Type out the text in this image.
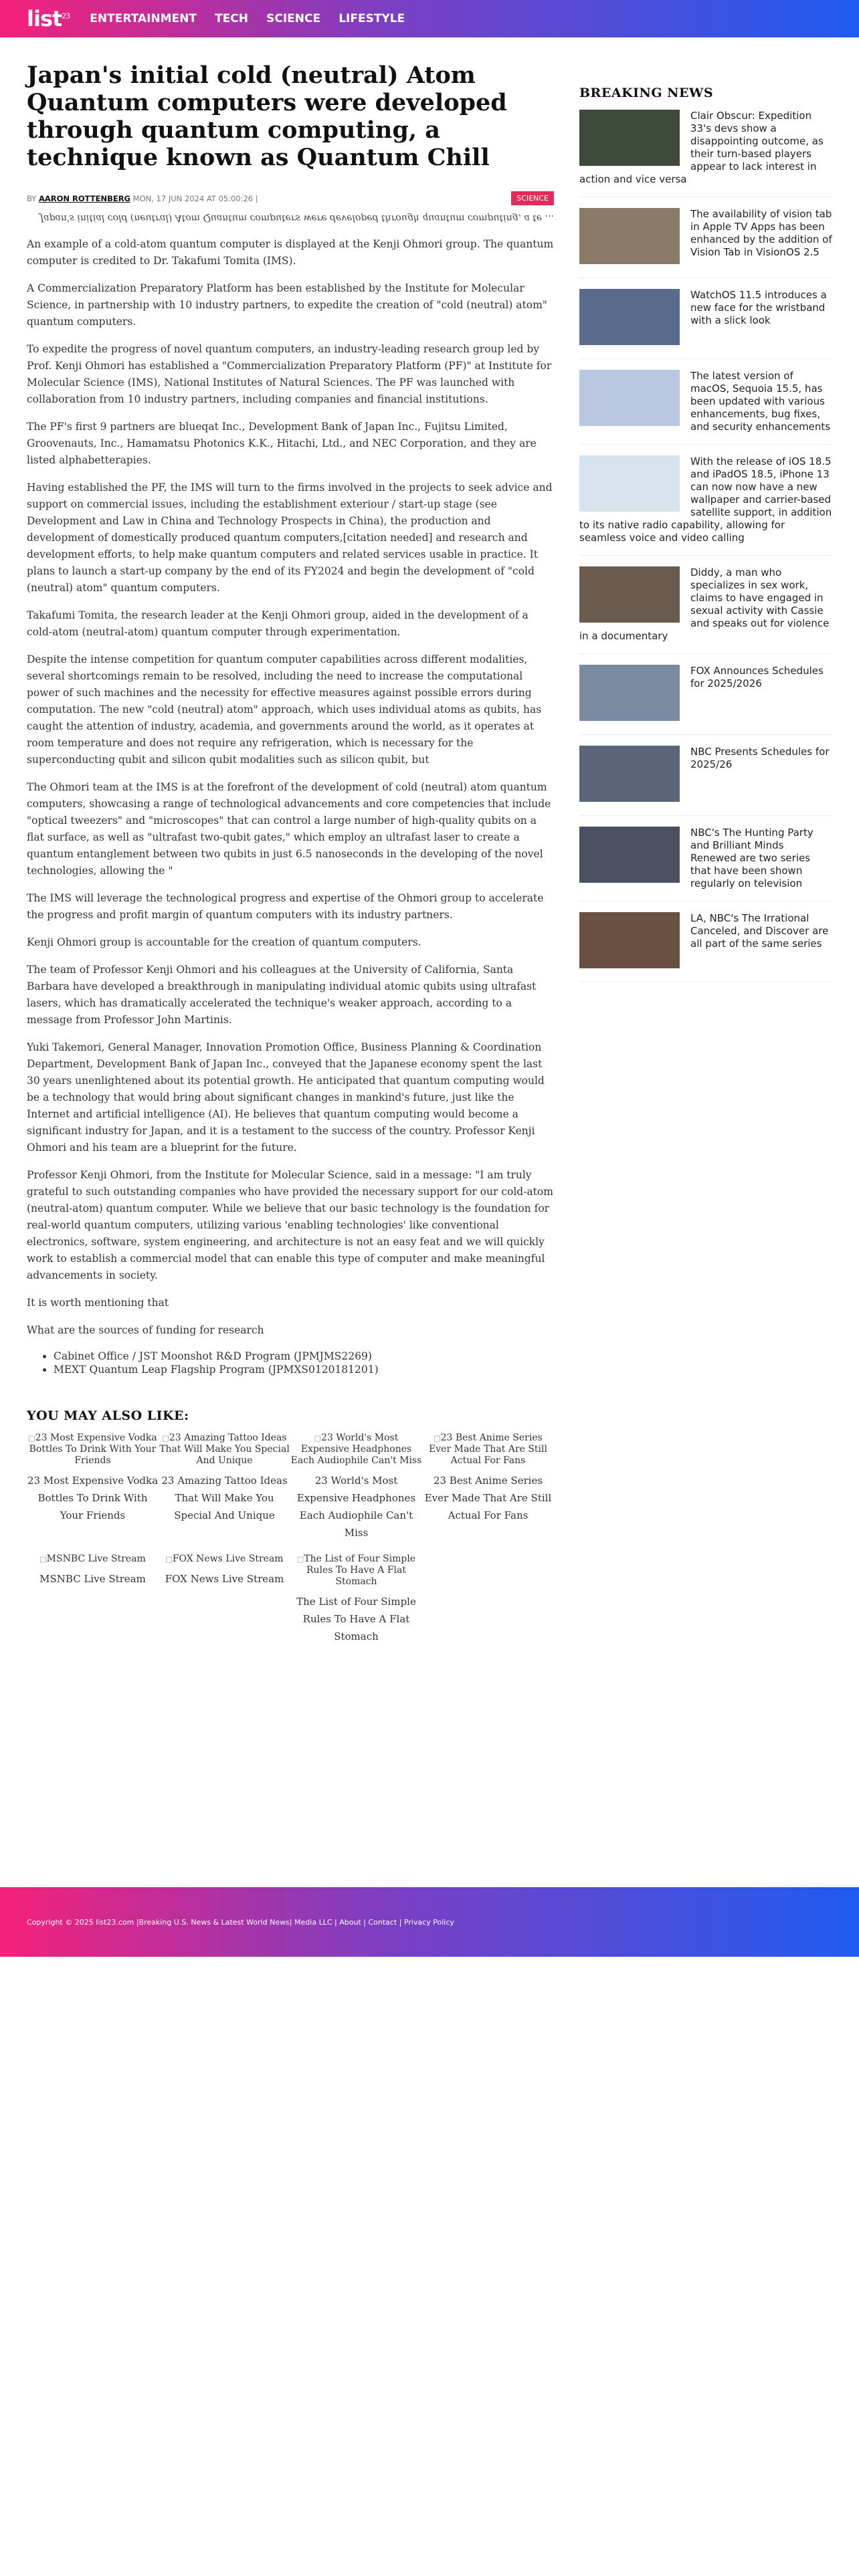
list$^{23}$ ENTERTAINMENT TECH SCIENCE LIFESTYLE
Japan's initial cold (neutral) Atom Quantum computers were developed through quantum computing, a technique known as Quantum Chill
BY AARON ROTTENBERG MON, 17 JUN 2024 AT 05:00:26 |	SCIENCE
Japan's initial cold (neutral) Atom Quantum computers were developed through quantum computing, a te ...

An example of a cold-atom quantum computer is displayed at the Kenji Ohmori group. The quantum computer is credited to Dr. Takafumi Tomita (IMS).

A Commercialization Preparatory Platform has been established by the Institute for Molecular Science, in partnership with 10 industry partners, to expedite the creation of "cold (neutral) atom" quantum computers.

To expedite the progress of novel quantum computers, an industry-leading research group led by Prof. Kenji Ohmori has established a "Commercialization Preparatory Platform (PF)" at Institute for Molecular Science (IMS), National Institutes of Natural Sciences. The PF was launched with collaboration from 10 industry partners, including companies and financial institutions.

The PF's first 9 partners are blueqat Inc., Development Bank of Japan Inc., Fujitsu Limited, Groovenauts, Inc., Hamamatsu Photonics K.K., Hitachi, Ltd., and NEC Corporation, and they are listed alphabetterapies.

Having established the PF, the IMS will turn to the firms involved in the projects to seek advice and support on commercial issues, including the establishment exteriour / start-up stage (see Development and Law in China and Technology Prospects in China), the production and development of domestically produced quantum computers,[citation needed] and research and development efforts, to help make quantum computers and related services usable in practice. It plans to launch a start-up company by the end of its FY2024 and begin the development of "cold (neutral) atom" quantum computers.

Takafumi Tomita, the research leader at the Kenji Ohmori group, aided in the development of a cold-atom (neutral-atom) quantum computer through experimentation.

Despite the intense competition for quantum computer capabilities across different modalities, several shortcomings remain to be resolved, including the need to increase the computational power of such machines and the necessity for effective measures against possible errors during computation. The new "cold (neutral) atom" approach, which uses individual atoms as qubits, has caught the attention of industry, academia, and governments around the world, as it operates at room temperature and does not require any refrigeration, which is necessary for the superconducting qubit and silicon qubit modalities such as silicon qubit, but

The Ohmori team at the IMS is at the forefront of the development of cold (neutral) atom quantum computers, showcasing a range of technological advancements and core competencies that include "optical tweezers" and "microscopes" that can control a large number of high-quality qubits on a flat surface, as well as "ultrafast two-qubit gates," which employ an ultrafast laser to create a quantum entanglement between two qubits in just 6.5 nanoseconds in the developing of the novel technologies, allowing the "

The IMS will leverage the technological progress and expertise of the Ohmori group to accelerate the progress and profit margin of quantum computers with its industry partners.

Kenji Ohmori group is accountable for the creation of quantum computers.

The team of Professor Kenji Ohmori and his colleagues at the University of California, Santa Barbara have developed a breakthrough in manipulating individual atomic qubits using ultrafast lasers, which has dramatically accelerated the technique's weaker approach, according to a message from Professor John Martinis.

Yuki Takemori, General Manager, Innovation Promotion Office, Business Planning & Coordination Department, Development Bank of Japan Inc., conveyed that the Japanese economy spent the last 30 years unenlightened about its potential growth. He anticipated that quantum computing would be a technology that would bring about significant changes in mankind's future, just like the Internet and artificial intelligence (AI). He believes that quantum computing would become a significant industry for Japan, and it is a testament to the success of the country. Professor Kenji Ohmori and his team are a blueprint for the future.

Professor Kenji Ohmori, from the Institute for Molecular Science, said in a message: "I am truly grateful to such outstanding companies who have provided the necessary support for our cold-atom (neutral-atom) quantum computer. While we believe that our basic technology is the foundation for real-world quantum computers, utilizing various 'enabling technologies' like conventional electronics, software, system engineering, and architecture is not an easy feat and we will quickly work to establish a commercial model that can enable this type of computer and make meaningful advancements in society.

It is worth mentioning that

What are the sources of funding for research

• Cabinet Office / JST Moonshot R&D Program (JPMJMS2269)
• MEXT Quantum Leap Flagship Program (JPMXS0120181201)
YOU MAY ALSO LIKE:
□ 23 Most Expensive Vodka Bottles To Drink With Your Friends
23 Most Expensive Vodka Bottles To Drink With Your Friends
□ 23 Amazing Tattoo Ideas That Will Make You Special And Unique
23 Amazing Tattoo Ideas That Will Make You Special And Unique
□ 23 World's Most Expensive Headphones Each Audiophile Can't Miss
23 World's Most Expensive Headphones Each Audiophile Can't Miss
□ 23 Best Anime Series Ever Made That Are Still Actual For Fans
23 Best Anime Series Ever Made That Are Still Actual For Fans
□ MSNBC Live Stream
MSNBC Live Stream
□ FOX News Live Stream
FOX News Live Stream
□ The List of Four Simple Rules To Have A Flat Stomach
The List of Four Simple Rules To Have A Flat Stomach
BREAKING NEWS
Clair Obscur: Expedition 33's devs show a disappointing outcome, as their turn-based players appear to lack interest in action and vice versa
The availability of vision tab in Apple TV Apps has been enhanced by the addition of Vision Tab in VisionOS 2.5
WatchOS 11.5 introduces a new face for the wristband with a slick look
The latest version of macOS, Sequoia 15.5, has been updated with various enhancements, bug fixes, and security enhancements
With the release of iOS 18.5 and iPadOS 18.5, iPhone 13 can now now have a new wallpaper and carrier-based satellite support, in addition to its native radio capability, allowing for seamless voice and video calling
Diddy, a man who specializes in sex work, claims to have engaged in sexual activity with Cassie and speaks out for violence in a documentary
FOX Announces Schedules for 2025/2026
NBC Presents Schedules for 2025/26
NBC's The Hunting Party and Brilliant Minds Renewed are two series that have been shown regularly on television
LA, NBC's The Irrational Canceled, and Discover are all part of the same series
Copyright © 2025 list23.com |Breaking U.S. News & Latest World News| Media LLC | About | Contact | Privacy Policy
